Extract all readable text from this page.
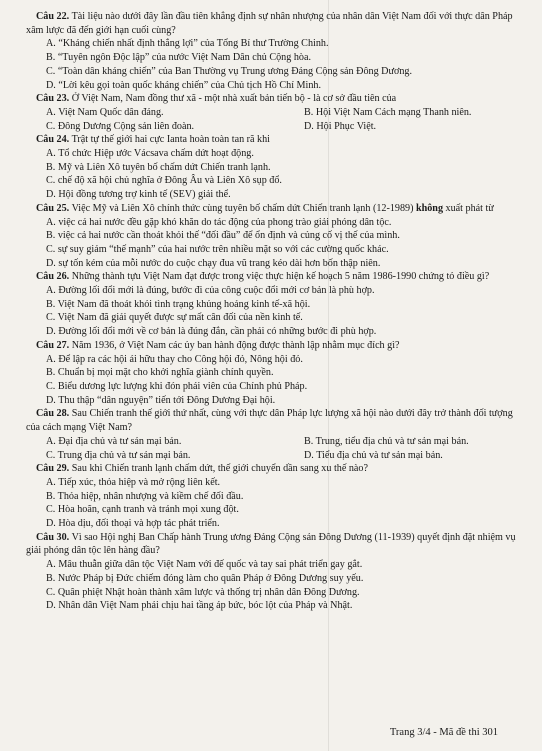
Câu 22. Tài liệu nào dưới đây lần đầu tiên khẳng định sự nhân nhượng của nhân dân Việt Nam đối với thực dân Pháp xâm lược đã đến giới hạn cuối cùng?
A. “Kháng chiến nhất định thắng lợi” của Tổng Bí thư Trường Chinh.
B. “Tuyên ngôn Độc lập” của nước Việt Nam Dân chủ Cộng hòa.
C. “Toàn dân kháng chiến” của Ban Thường vụ Trung ương Đảng Cộng sản Đông Dương.
D. “Lời kêu gọi toàn quốc kháng chiến” của Chủ tịch Hồ Chí Minh.
Câu 23. Ở Việt Nam, Nam đồng thư xã - một nhà xuất bản tiến bộ - là cơ sở đầu tiên của
A. Việt Nam Quốc dân đảng.	B. Hội Việt Nam Cách mạng Thanh niên.
C. Đông Dương Cộng sản liên đoàn.	D. Hội Phục Việt.
Câu 24. Trật tự thế giới hai cực Ianta hoàn toàn tan rã khi
A. Tổ chức Hiệp ước Vácsava chấm dứt hoạt động.
B. Mỹ và Liên Xô tuyên bố chấm dứt Chiến tranh lạnh.
C. chế độ xã hội chủ nghĩa ở Đông Âu và Liên Xô sụp đổ.
D. Hội đồng tương trợ kinh tế (SEV) giải thể.
Câu 25. Việc Mỹ và Liên Xô chính thức cùng tuyên bố chấm dứt Chiến tranh lạnh (12-1989) không xuất phát từ
A. việc cả hai nước đều gặp khó khăn do tác động của phong trào giải phóng dân tộc.
B. việc cả hai nước cần thoát khỏi thế “đối đầu” để ổn định và củng cố vị thế của mình.
C. sự suy giảm “thế mạnh” của hai nước trên nhiều mặt so với các cường quốc khác.
D. sự tốn kém của mỗi nước do cuộc chạy đua vũ trang kéo dài hơn bốn thập niên.
Câu 26. Những thành tựu Việt Nam đạt được trong việc thực hiện kế hoạch 5 năm 1986-1990 chứng tỏ điều gì?
A. Đường lối đổi mới là đúng, bước đi của công cuộc đổi mới cơ bản là phù hợp.
B. Việt Nam đã thoát khỏi tình trạng khủng hoảng kinh tế-xã hội.
C. Việt Nam đã giải quyết được sự mất cân đối của nền kinh tế.
D. Đường lối đổi mới về cơ bản là đúng đắn, cần phải có những bước đi phù hợp.
Câu 27. Năm 1936, ở Việt Nam các ủy ban hành động được thành lập nhằm mục đích gì?
A. Để lập ra các hội ái hữu thay cho Công hội đỏ, Nông hội đỏ.
B. Chuẩn bị mọi mặt cho khởi nghĩa giành chính quyền.
C. Biểu dương lực lượng khi đón phái viên của Chính phủ Pháp.
D. Thu thập “dân nguyện” tiến tới Đông Dương Đại hội.
Câu 28. Sau Chiến tranh thế giới thứ nhất, cùng với thực dân Pháp lực lượng xã hội nào dưới đây trở thành đối tượng của cách mạng Việt Nam?
A. Đại địa chủ và tư sản mại bản.	B. Trung, tiểu địa chủ và tư sản mại bản.
C. Trung địa chủ và tư sản mại bản.	D. Tiểu địa chủ và tư sản mại bản.
Câu 29. Sau khi Chiến tranh lạnh chấm dứt, thế giới chuyển dần sang xu thế nào?
A. Tiếp xúc, thỏa hiệp và mở rộng liên kết.
B. Thỏa hiệp, nhân nhượng và kiềm chế đối đầu.
C. Hòa hoãn, cạnh tranh và tránh mọi xung đột.
D. Hòa dịu, đối thoại và hợp tác phát triển.
Câu 30. Vì sao Hội nghị Ban Chấp hành Trung ương Đảng Cộng sản Đông Dương (11-1939) quyết định đặt nhiệm vụ giải phóng dân tộc lên hàng đầu?
A. Mâu thuẫn giữa dân tộc Việt Nam với đế quốc và tay sai phát triển gay gắt.
B. Nước Pháp bị Đức chiếm đóng làm cho quân Pháp ở Đông Dương suy yếu.
C. Quân phiệt Nhật hoàn thành xâm lược và thống trị nhân dân Đông Dương.
D. Nhân dân Việt Nam phải chịu hai tầng áp bức, bóc lột của Pháp và Nhật.
Trang 3/4 - Mã đề thi 301
